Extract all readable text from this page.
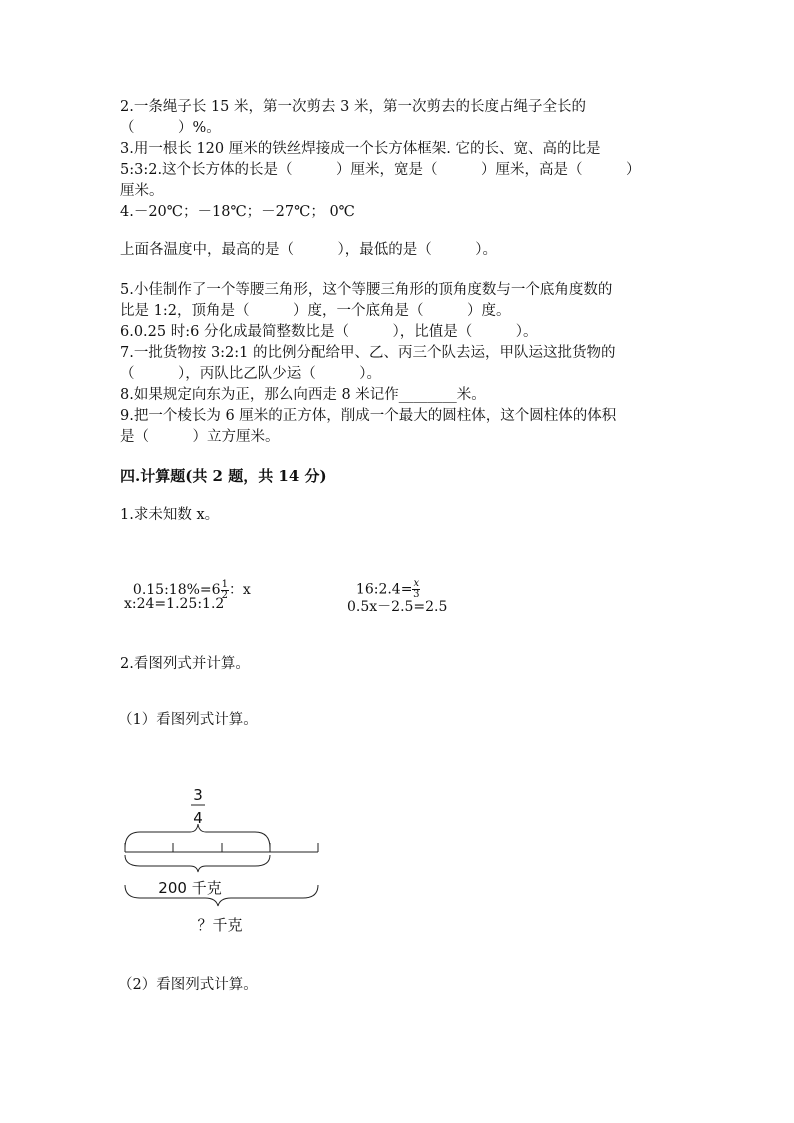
2.一条绳子长 15 米，第一次剪去 3 米，第一次剪去的长度占绳子全长的
（　　　）%。
3.用一根长 120 厘米的铁丝焊接成一个长方体框架. 它的长、宽、高的比是
5:3:2.这个长方体的长是（　　　）厘米，宽是（　　　）厘米，高是（　　　）
厘米。
4.－20℃；－18℃；－27℃； 0℃
上面各温度中，最高的是（　　　），最低的是（　　　）。
5.小佳制作了一个等腰三角形，这个等腰三角形的顶角度数与一个底角度数的
比是 1:2，顶角是（　　　）度，一个底角是（　　　）度。
6.0.25 时:6 分化成最简整数比是（　　　），比值是（　　　）。
7.一批货物按 3:2:1 的比例分配给甲、乙、丙三个队去运，甲队运这批货物的
（　　　），丙队比乙队少运（　　　）。
8.如果规定向东为正，那么向西走 8 米记作________米。
9.把一个棱长为 6 厘米的正方体，削成一个最大的圆柱体，这个圆柱体的体积
是（　　　）立方厘米。
四.计算题(共 2 题，共 14 分)
1.求未知数 x。

0.15:18%=6 $\frac{1}{2}$ ：x	16:2.4= $\frac{x}{3}$

x:24=1.25:1.2	0.5x－2.5=2.5
2.看图列式并计算。
（1）看图列式计算。
3
4
200 千克
？千克
（2）看图列式计算。
